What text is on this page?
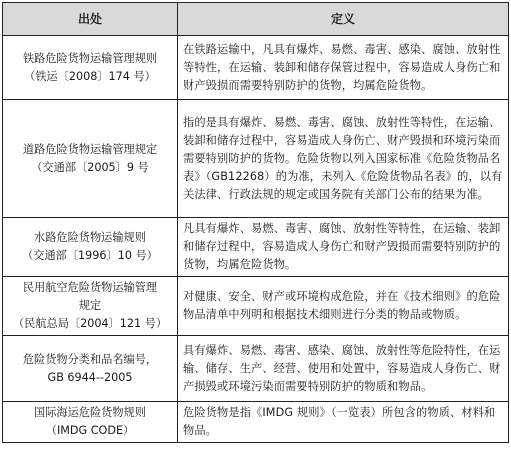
出处	定义

铁路危险货物运输管理规则
（铁运〔2008〕174 号）	在铁路运输中，凡具有爆炸、易燃、毒害、感染、腐蚀、放射性等特性，在运输、装卸和储存保管过程中，容易造成人身伤亡和财产毁损而需要特别防护的货物，均属危险货物。

道路危险货物运输管理规定
（交通部〔2005〕9 号	指的是具有爆炸、易燃、毒害、腐蚀、放射性等特性，在运输、装卸和储存过程中，容易造成人身伤亡、财产毁损和环境污染而需要特别防护的货物。危险货物以列入国家标准《危险货物品名表》（GB12268）的为准，未列入《危险货物品名表》的，以有关法律、行政法规的规定或国务院有关部门公布的结果为准。

水路危险货物运输规则
（交通部〔1996〕10 号）	凡具有爆炸、易燃、毒害、腐蚀、放射性等特性，在运输、装卸和储存过程中，容易造成人身伤亡和财产毁损而需要特别防护的货物，均属危险货物。

民用航空危险货物运输管理
规定
（民航总局〔2004〕121 号）	对健康、安全、财产或环境构成危险，并在《技术细则》的危险物品清单中列明和根据技术细则进行分类的物品或物质。

危险货物分类和品名编号，
GB 6944--2005	具有爆炸、易燃、毒害、感染、腐蚀、放射性等危险特性，在运输、储存、生产、经营、使用和处置中，容易造成人身伤亡、财产损毁或环境污染而需要特别防护的物质和物品。

国际海运危险货物规则
（IMDG CODE）	危险货物是指《IMDG 规则》（一览表）所包含的物质、材料和物品。
